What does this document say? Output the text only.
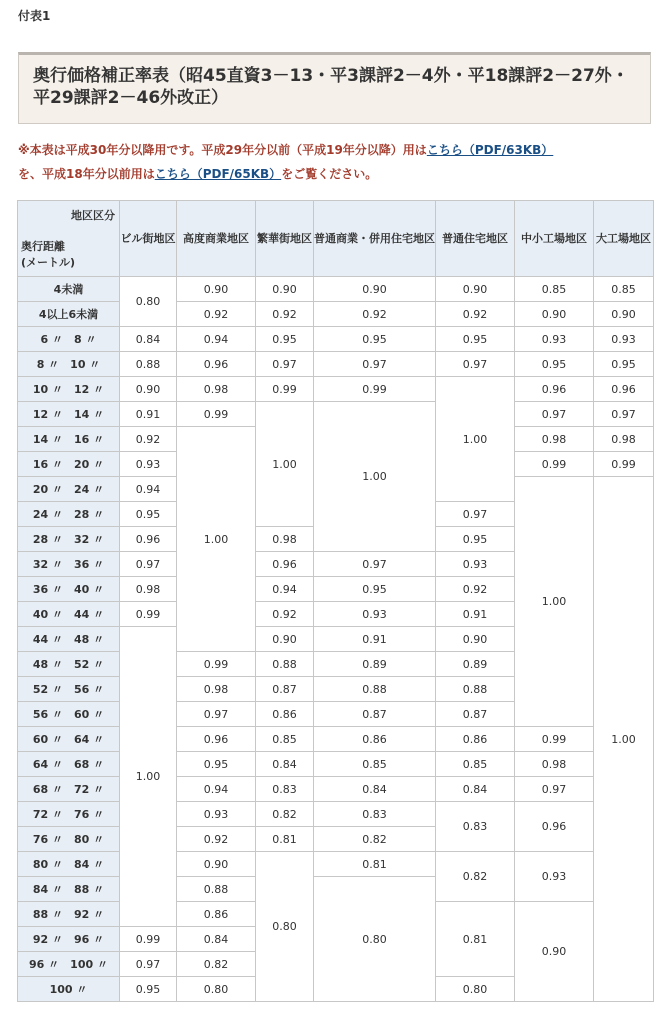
付表1
奥行価格補正率表（昭45直資3－13・平3課評2－4外・平18課評2－27外・平29課評2－46外改正）
※本表は平成30年分以降用です。平成29年分以前（平成19年分以降）用はこちら（PDF/63KB）
を、平成18年分以前用はこちら（PDF/65KB）をご覧ください。
地区区分
奥行距離
(メートル)	ビル街地区	高度商業地区	繁華街地区	普通商業・併用住宅地区	普通住宅地区	中小工場地区	大工場地区
4未満	0.80	0.90	0.90	0.90	0.90	0.85	0.85
4以上6未満		0.92	0.92	0.92	0.92	0.90	0.90
6 〃　8 〃	0.84	0.94	0.95	0.95	0.95	0.93	0.93
8 〃　10 〃	0.88	0.96	0.97	0.97	0.97	0.95	0.95
10 〃　12 〃	0.90	0.98	0.99	0.99	1.00	0.96	0.96
12 〃　14 〃	0.91	0.99	1.00	1.00		0.97	0.97
14 〃　16 〃	0.92	1.00				0.98	0.98
16 〃　20 〃	0.93					0.99	0.99
20 〃　24 〃	0.94					1.00	1.00
24 〃　28 〃	0.95				0.97		
28 〃　32 〃	0.96		0.98		0.95		
32 〃　36 〃	0.97		0.96	0.97	0.93		
36 〃　40 〃	0.98		0.94	0.95	0.92		
40 〃　44 〃	0.99		0.92	0.93	0.91		
44 〃　48 〃	1.00		0.90	0.91	0.90		
48 〃　52 〃		0.99	0.88	0.89	0.89		
52 〃　56 〃		0.98	0.87	0.88	0.88		
56 〃　60 〃		0.97	0.86	0.87	0.87		
60 〃　64 〃		0.96	0.85	0.86	0.86	0.99	
64 〃　68 〃		0.95	0.84	0.85	0.85	0.98	
68 〃　72 〃		0.94	0.83	0.84	0.84	0.97	
72 〃　76 〃		0.93	0.82	0.83	0.83	0.96	
76 〃　80 〃		0.92	0.81	0.82			
80 〃　84 〃		0.90	0.80	0.81	0.82	0.93	
84 〃　88 〃		0.88		0.80			
88 〃　92 〃		0.86			0.81	0.90	
92 〃　96 〃	0.99	0.84					
96 〃　100 〃	0.97	0.82					
100 〃	0.95	0.80			0.80		
